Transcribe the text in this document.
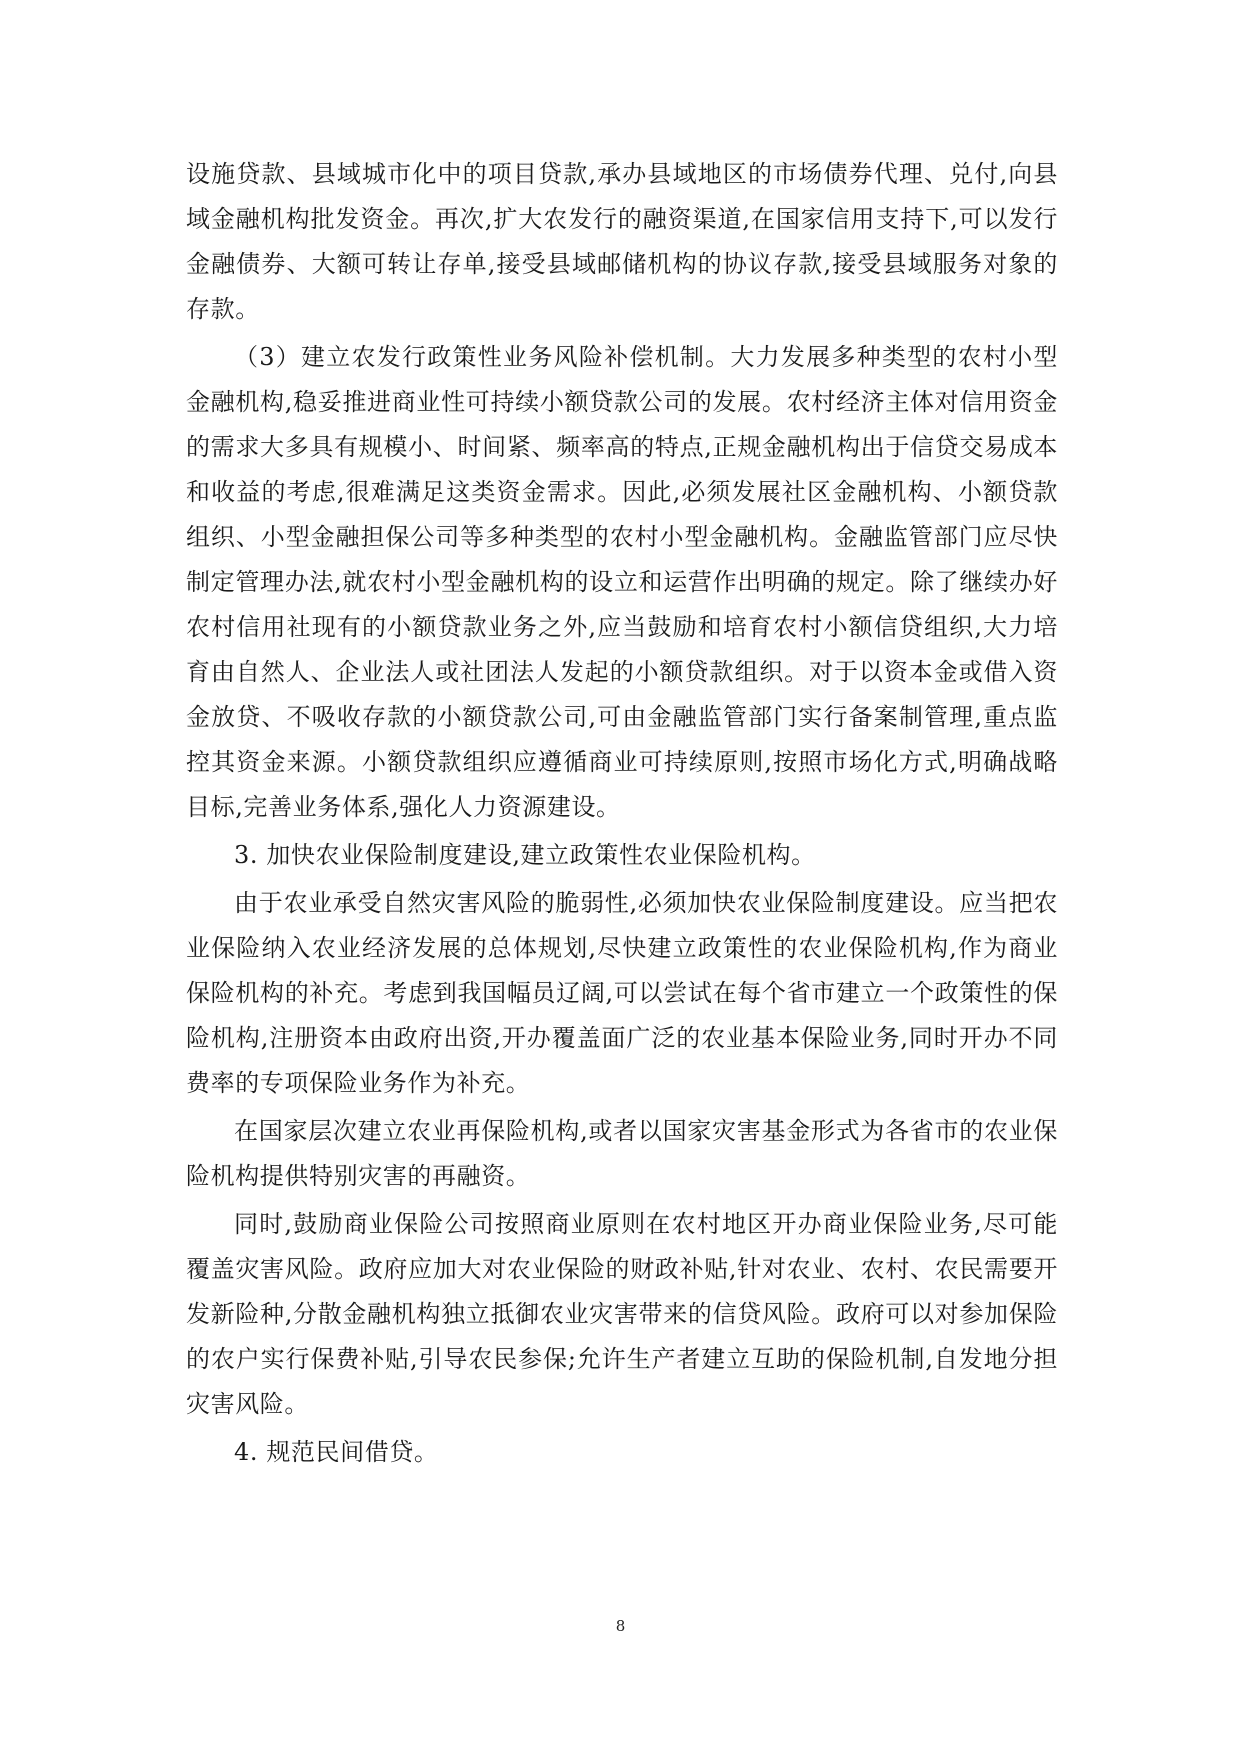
设施贷款、县域城市化中的项目贷款,承办县域地区的市场债券代理、兑付,向县域金融机构批发资金。再次,扩大农发行的融资渠道,在国家信用支持下,可以发行金融债券、大额可转让存单,接受县域邮储机构的协议存款,接受县域服务对象的存款。

（3）建立农发行政策性业务风险补偿机制。大力发展多种类型的农村小型金融机构,稳妥推进商业性可持续小额贷款公司的发展。农村经济主体对信用资金的需求大多具有规模小、时间紧、频率高的特点,正规金融机构出于信贷交易成本和收益的考虑,很难满足这类资金需求。因此,必须发展社区金融机构、小额贷款组织、小型金融担保公司等多种类型的农村小型金融机构。金融监管部门应尽快制定管理办法,就农村小型金融机构的设立和运营作出明确的规定。除了继续办好农村信用社现有的小额贷款业务之外,应当鼓励和培育农村小额信贷组织,大力培育由自然人、企业法人或社团法人发起的小额贷款组织。对于以资本金或借入资金放贷、不吸收存款的小额贷款公司,可由金融监管部门实行备案制管理,重点监控其资金来源。小额贷款组织应遵循商业可持续原则,按照市场化方式,明确战略目标,完善业务体系,强化人力资源建设。

3. 加快农业保险制度建设,建立政策性农业保险机构。

由于农业承受自然灾害风险的脆弱性,必须加快农业保险制度建设。应当把农业保险纳入农业经济发展的总体规划,尽快建立政策性的农业保险机构,作为商业保险机构的补充。考虑到我国幅员辽阔,可以尝试在每个省市建立一个政策性的保险机构,注册资本由政府出资,开办覆盖面广泛的农业基本保险业务,同时开办不同费率的专项保险业务作为补充。

在国家层次建立农业再保险机构,或者以国家灾害基金形式为各省市的农业保险机构提供特别灾害的再融资。

同时,鼓励商业保险公司按照商业原则在农村地区开办商业保险业务,尽可能覆盖灾害风险。政府应加大对农业保险的财政补贴,针对农业、农村、农民需要开发新险种,分散金融机构独立抵御农业灾害带来的信贷风险。政府可以对参加保险的农户实行保费补贴,引导农民参保;允许生产者建立互助的保险机制,自发地分担灾害风险。

4. 规范民间借贷。

8
